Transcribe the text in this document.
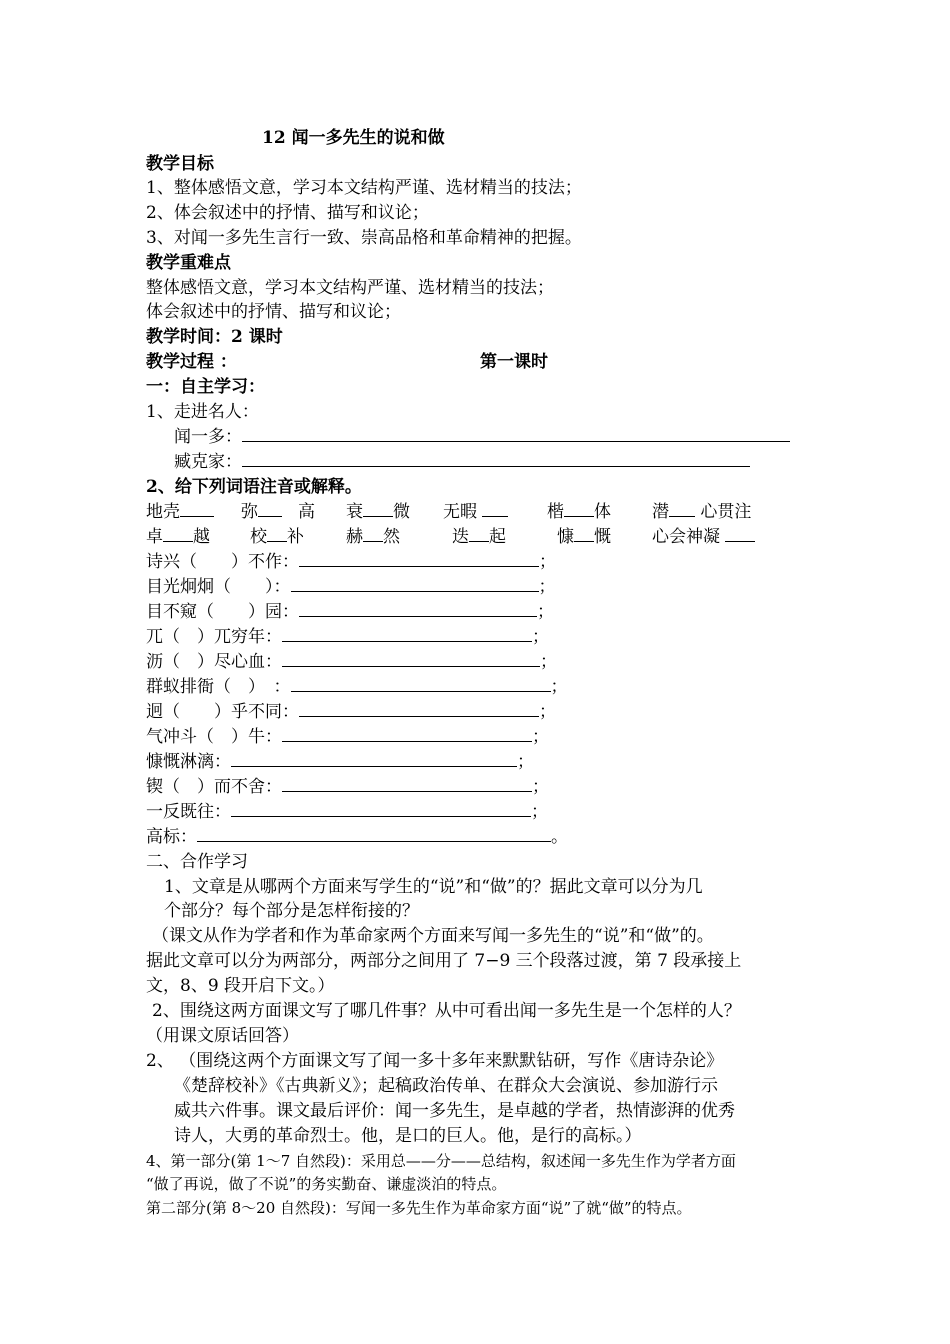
12 闻一多先生的说和做
教学目标
1、整体感悟文意，学习本文结构严谨、选材精当的技法；
2、体会叙述中的抒情、描写和议论；
3、对闻一多先生言行一致、崇高品格和革命精神的把握。
教学重难点
整体感悟文意，学习本文结构严谨、选材精当的技法；
体会叙述中的抒情、描写和议论；
教学时间：2 课时
教学过程 ：	第一课时
一：自主学习：
1、走进名人：
闻一多：
臧克家：
2、给下列词语注音或解释。
地壳	弥	高 衰 微 无暇	楷 体 潜 心贯注
卓 越 校 补 赫 然	迭 起	慷 慨 心会神凝
诗兴（　　）不作：	；
目光炯炯（　　）：	；
目不窥（　　）园：	；
兀（　）兀穷年：	；
沥（　）尽心血：	；
群蚁排衙（　）　：	；
迥（　　）乎不同：	；
气冲斗（　）牛：	；
慷慨淋漓：	；
锲（　）而不舍：	；
一反既往：	；
高标：	。
二、合作学习
1、文章是从哪两个方面来写学生的“说”和“做”的？据此文章可以分为几
个部分？每个部分是怎样衔接的？
（课文从作为学者和作为革命家两个方面来写闻一多先生的“说”和“做”的。
据此文章可以分为两部分，两部分之间用了 7−9 三个段落过渡，第 7 段承接上
文，8、9 段开启下文。）
2、围绕这两方面课文写了哪几件事？从中可看出闻一多先生是一个怎样的人？
（用课文原话回答）
2、 （围绕这两个方面课文写了闻一多十多年来默默钻研，写作《唐诗杂论》
《楚辞校补》《古典新义》；起稿政治传单、在群众大会演说、参加游行示
威共六件事。课文最后评价：闻一多先生，是卓越的学者，热情澎湃的优秀
诗人，大勇的革命烈士。他，是口的巨人。他，是行的高标。）
4、第一部分(第 1～7 自然段)：采用总——分——总结构，叙述闻一多先生作为学者方面
“做了再说，做了不说”的务实勤奋、谦虚淡泊的特点。
第二部分(第 8～20 自然段)：写闻一多先生作为革命家方面“说”了就“做”的特点。
